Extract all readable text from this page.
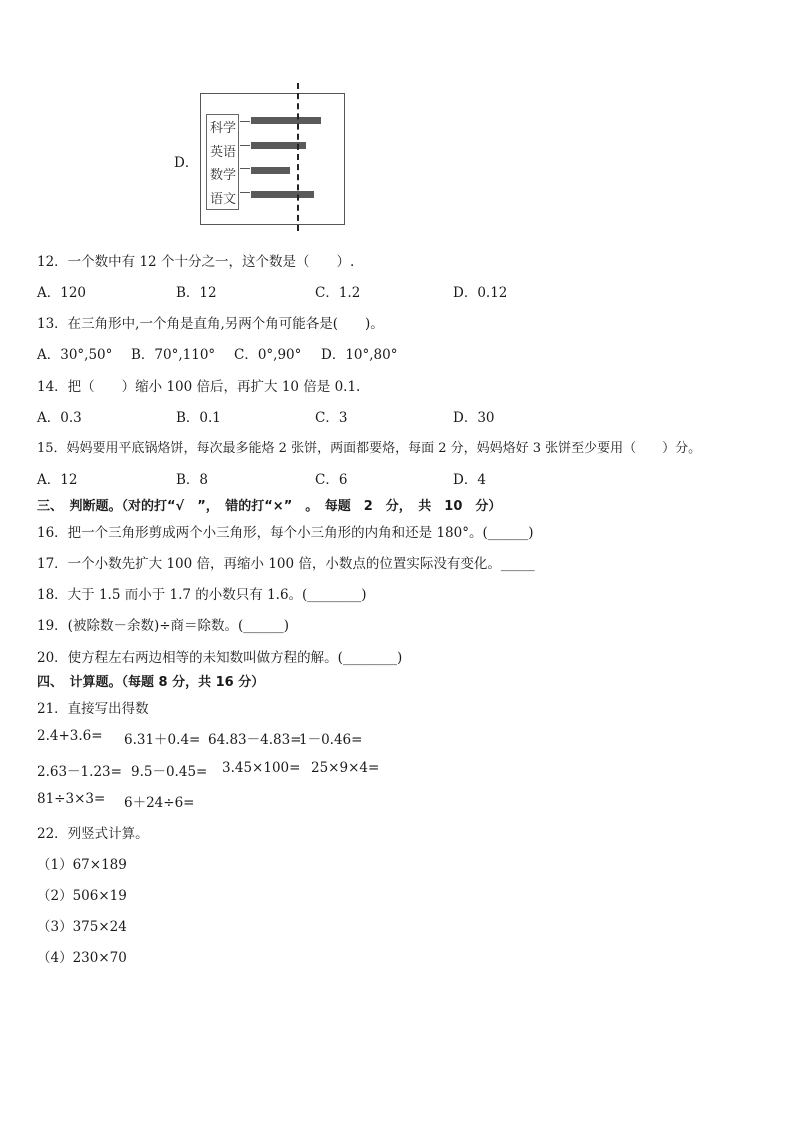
D．
科学
英语
数学
语文
12．一个数中有 12 个十分之一，这个数是（　　）.
A．120	B．12	C．1.2	D．0.12
13．在三角形中,一个角是直角,另两个角可能各是(　　)。
A．30°,50° B．70°,110° C．0°,90° D．10°,80°
14．把（　　）缩小 100 倍后，再扩大 10 倍是 0.1.
A．0.3	B．0.1	C．3	D．30
15．妈妈要用平底锅烙饼，每次最多能烙 2 张饼，两面都要烙，每面 2 分，妈妈烙好 3 张饼至少要用（　　）分。
A．12	B．8	C．6	D．4
三、　判断题。（对的打“√　”，　错的打“×”　。　每题　2　分，　共　10　分）
16．把一个三角形剪成两个小三角形，每个小三角形的内角和还是 180°。(______)
17．一个小数先扩大 100 倍，再缩小 100 倍，小数点的位置实际没有变化。_____
18．大于 1.5 而小于 1.7 的小数只有 1.6。(________)
19．(被除数－余数)÷商＝除数。(______)
20．使方程左右两边相等的未知数叫做方程的解。(________)
四、　计算题。（每题 8 分，共 16 分）
21．直接写出得数
2.4+3.6= 6.31＋0.4= 64.83－4.83=
1－0.46=
2.63－1.23= 9.5－0.45= 3.45×100= 25×9×4=
81÷3×3= 6＋24÷6=
22．列竖式计算。
（1）67×189
（2）506×19
（3）375×24
（4）230×70
